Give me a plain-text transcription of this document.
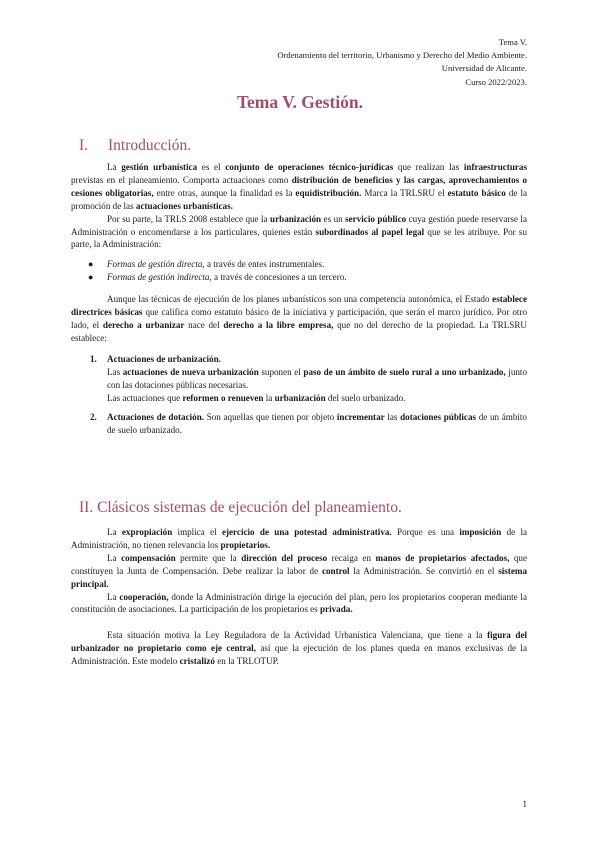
Tema V.
Ordenamiento del territorio, Urbanismo y Derecho del Medio Ambiente.
Universidad de Alicante.
Curso 2022/2023.
Tema V. Gestión.
I. Introducción.

La gestión urbanística es el conjunto de operaciones técnico-jurídicas que realizan las infraestructuras previstas en el planeamiento. Comporta actuaciones como distribución de beneficios y las cargas, aprovechamientos o cesiones obligatorias, entre otras, aunque la finalidad es la equidistribución. Marca la TRLSRU el estatuto básico de la promoción de las actuaciones urbanísticas.

Por su parte, la TRLS 2008 establece que la urbanización es un servicio público cuya gestión puede reservarse la Administración o encomendarse a los particulares, quienes están subordinados al papel legal que se les atribuye. Por su parte, la Administración:

● Formas de gestión directa, a través de entes instrumentales.
● Formas de gestión indirecta, a través de concesiones a un tercero.

Aunque las técnicas de ejecución de los planes urbanísticos son una competencia autonómica, el Estado establece directrices básicas que califica como estatuto básico de la iniciativa y participación, que serán el marco jurídico. Por otro lado, el derecho a urbanizar nace del derecho a la libre empresa, que no del derecho de la propiedad. La TRLSRU establece:

1. Actuaciones de urbanización.

Las actuaciones de nueva urbanización suponen el paso de un ámbito de suelo rural a uno urbanizado, junto con las dotaciones públicas necesarias.

Las actuaciones que reformen o renueven la urbanización del suelo urbanizado.

2. Actuaciones de dotación. Son aquellas que tienen por objeto incrementar las dotaciones públicas de un ámbito de suelo urbanizado.

II. Clásicos sistemas de ejecución del planeamiento.

La expropiación implica el ejercicio de una potestad administrativa. Porque es una imposición de la Administración, no tienen relevancia los propietarios.

La compensación permite que la dirección del proceso recaiga en manos de propietarios afectados, que constituyen la Junta de Compensación. Debe realizar la labor de control la Administración. Se convirtió en el sistema principal.

La cooperación, donde la Administración dirige la ejecución del plan, pero los propietarios cooperan mediante la constitución de asociaciones. La participación de los propietarios es privada.

Esta situación motiva la Ley Reguladora de la Actividad Urbanística Valenciana, que tiene a la figura del urbanizador no propietario como eje central, así que la ejecución de los planes queda en manos exclusivas de la Administración. Este modelo cristalizó en la TRLOTUP.

1
